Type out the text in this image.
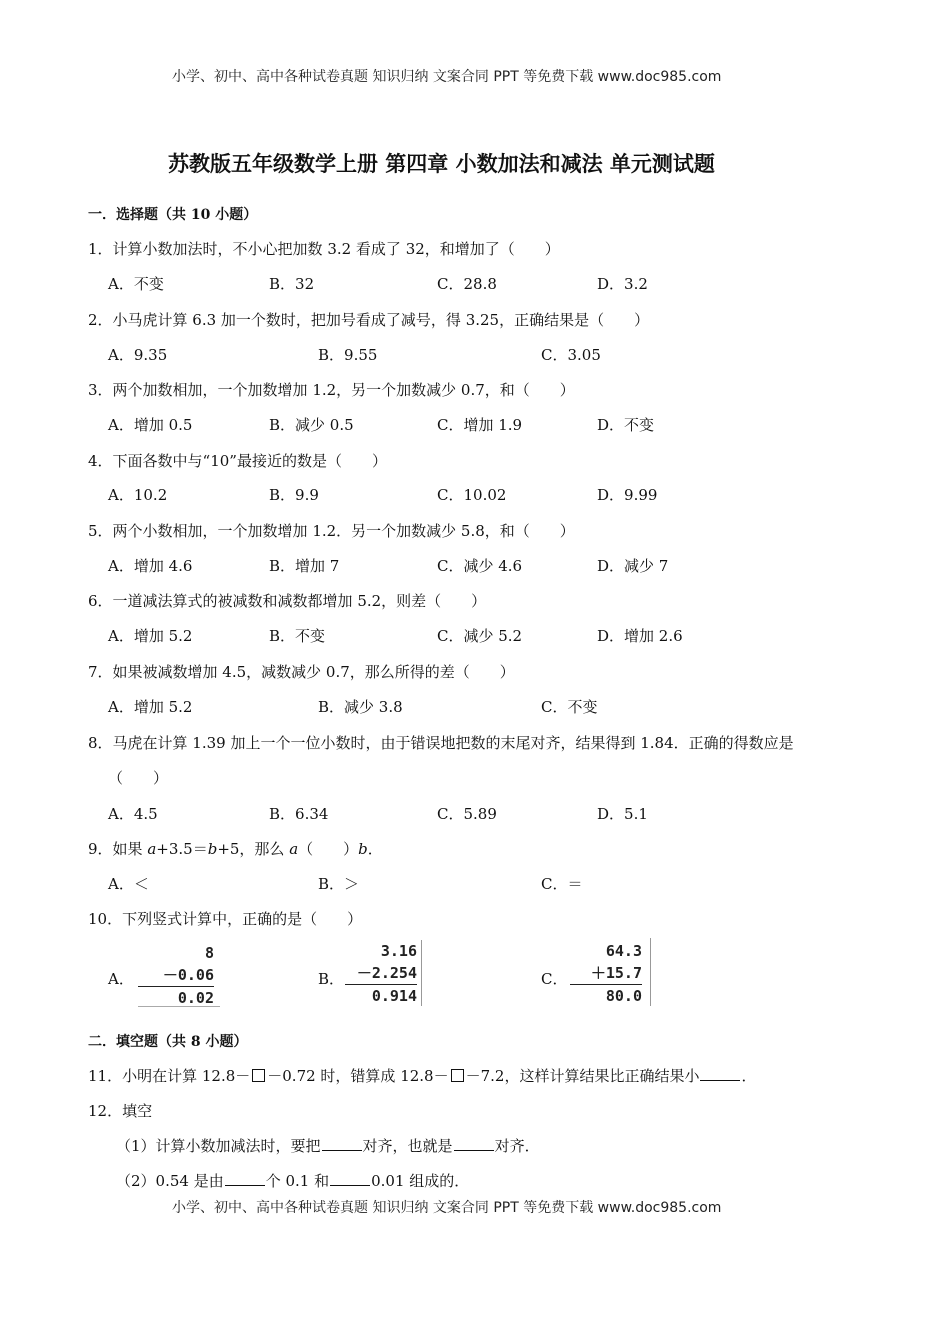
小学、初中、高中各种试卷真题 知识归纳 文案合同 PPT 等免费下载 www.doc985.com
苏教版五年级数学上册 第四章 小数加法和减法 单元测试题
一．选择题（共 10 小题）
1．计算小数加法时，不小心把加数 3.2 看成了 32，和增加了（　　）
A．不变	B．32	C．28.8	D．3.2
2．小马虎计算 6.3 加一个数时，把加号看成了减号，得 3.25，正确结果是（　　）
A．9.35	B．9.55	C．3.05
3．两个加数相加，一个加数增加 1.2，另一个加数减少 0.7，和（　　）
A．增加 0.5	B．减少 0.5	C．增加 1.9	D．不变
4．下面各数中与“10”最接近的数是（　　）
A．10.2	B．9.9	C．10.02	D．9.99
5．两个小数相加，一个加数增加 1.2．另一个加数减少 5.8，和（　　）
A．增加 4.6	B．增加 7	C．减少 4.6	D．减少 7
6．一道减法算式的被减数和减数都增加 5.2，则差（　　）
A．增加 5.2	B．不变	C．减少 5.2	D．增加 2.6
7．如果被减数增加 4.5，减数减少 0.7，那么所得的差（　　）
A．增加 5.2	B．减少 3.8	C．不变
8．马虎在计算 1.39 加上一个一位小数时，由于错误地把数的末尾对齐，结果得到 1.84．正确的得数应是
（　　）
A．4.5	B．6.34	C．5.89	D．5.1
9．如果 a+3.5＝b+5，那么 a（　　）b．
A．＜	B．＞	C．＝
10．下列竖式计算中，正确的是（　　）
A．
8
－0.06
0.02
B．
3.16
－2.254
0.914
C．
64.3
＋15.7
80.0
二．填空题（共 8 小题）
11．小明在计算 12.8－ －0.72 时，错算成 12.8－ －7.2，这样计算结果比正确结果小	．
12．填空
（1）计算小数加减法时，要把	对齐，也就是	对齐．
（2）0.54 是由	个 0.1 和	0.01 组成的．
小学、初中、高中各种试卷真题 知识归纳 文案合同 PPT 等免费下载 www.doc985.com
